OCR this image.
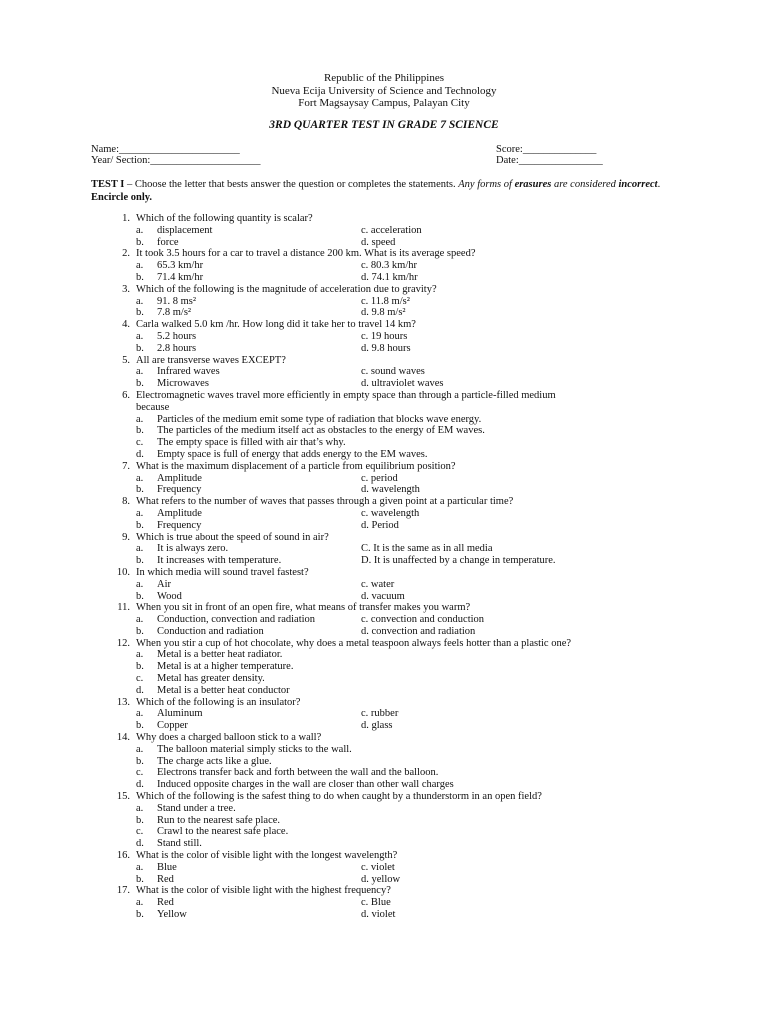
Republic of the Philippines
Nueva Ecija University of Science and Technology
Fort Magsaysay Campus, Palayan City
3RD QUARTER TEST IN GRADE 7 SCIENCE
Name:_______________________	Score:______________
Year/ Section:_____________________	Date:________________
TEST I – Choose the letter that bests answer the question or completes the statements. Any forms of erasures are considered incorrect. Encircle only.
1. Which of the following quantity is scalar?
a. displacement	c. acceleration
b. force	d. speed
2. It took 3.5 hours for a car to travel a distance 200 km. What is its average speed?
a. 65.3 km/hr	c. 80.3 km/hr
b. 71.4 km/hr	d. 74.1 km/hr
3. Which of the following is the magnitude of acceleration due to gravity?
a. 91. 8 ms²	c. 11.8 m/s²
b. 7.8 m/s²	d. 9.8 m/s²
4. Carla walked 5.0 km /hr. How long did it take her to travel 14 km?
a. 5.2 hours	c. 19 hours
b. 2.8 hours	d. 9.8 hours
5. All are transverse waves EXCEPT?
a. Infrared waves	c. sound waves
b. Microwaves	d. ultraviolet waves
6. Electromagnetic waves travel more efficiently in empty space than through a particle-filled medium
because
a. Particles of the medium emit some type of radiation that blocks wave energy.
b. The particles of the medium itself act as obstacles to the energy of EM waves.
c. The empty space is filled with air that’s why.
d. Empty space is full of energy that adds energy to the EM waves.
7. What is the maximum displacement of a particle from equilibrium position?
a. Amplitude	c. period
b. Frequency	d. wavelength
8. What refers to the number of waves that passes through a given point at a particular time?
a. Amplitude	c. wavelength
b. Frequency	d. Period
9. Which is true about the speed of sound in air?
a. It is always zero.	C. It is the same as in all media
b. It increases with temperature.	D. It is unaffected by a change in temperature.
10. In which media will sound travel fastest?
a. Air	c. water
b. Wood	d. vacuum
11. When you sit in front of an open fire, what means of transfer makes you warm?
a. Conduction, convection and radiation	c. convection and conduction
b. Conduction and radiation	d. convection and radiation
12. When you stir a cup of hot chocolate, why does a metal teaspoon always feels hotter than a plastic one?
a. Metal is a better heat radiator.
b. Metal is at a higher temperature.
c. Metal has greater density.
d. Metal is a better heat conductor
13. Which of the following is an insulator?
a. Aluminum	c. rubber
b. Copper	d. glass
14. Why does a charged balloon stick to a wall?
a. The balloon material simply sticks to the wall.
b. The charge acts like a glue.
c. Electrons transfer back and forth between the wall and the balloon.
d. Induced opposite charges in the wall are closer than other wall charges
15. Which of the following is the safest thing to do when caught by a thunderstorm in an open field?
a. Stand under a tree.
b. Run to the nearest safe place.
c. Crawl to the nearest safe place.
d. Stand still.
16. What is the color of visible light with the longest wavelength?
a. Blue	c. violet
b. Red	d. yellow
17. What is the color of visible light with the highest frequency?
a. Red	c. Blue
b. Yellow	d. violet
